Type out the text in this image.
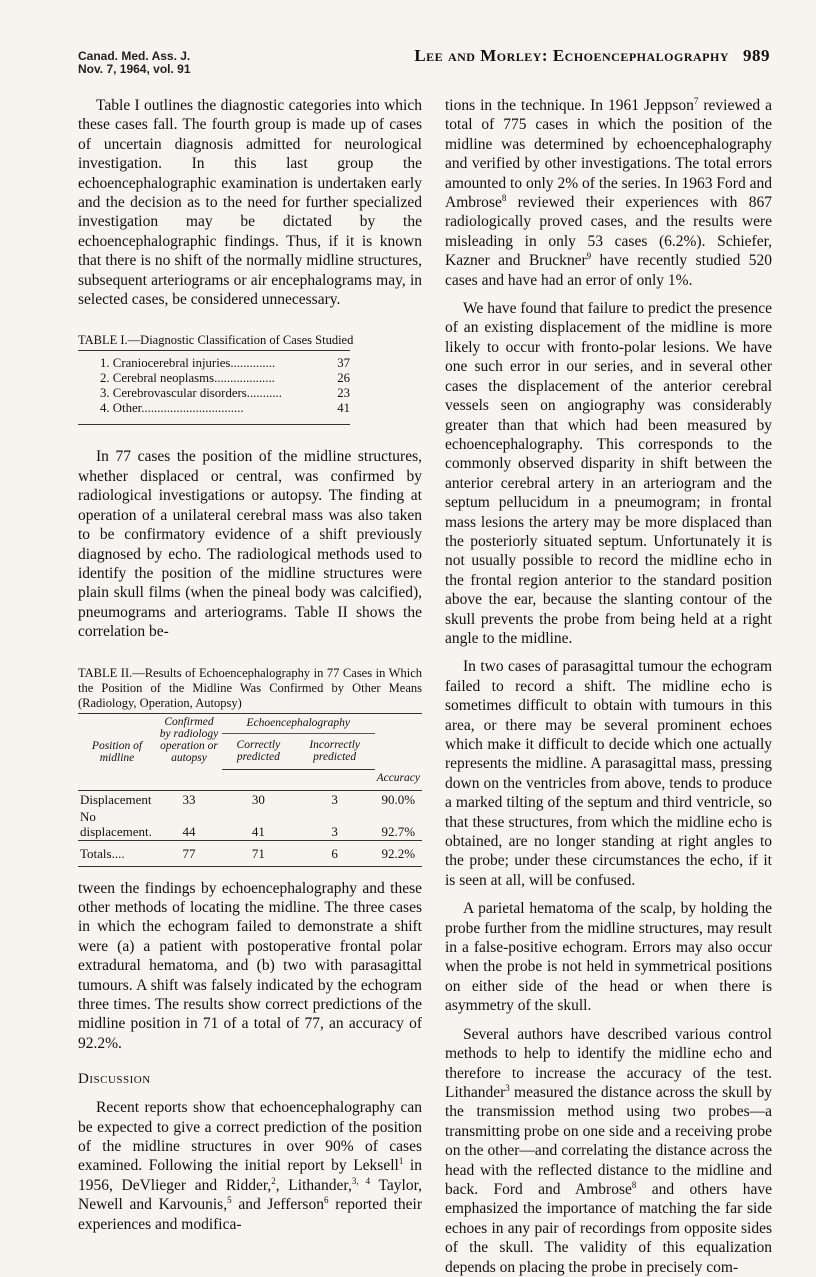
Canad. Med. Ass. J.
Nov. 7, 1964, vol. 91
Lee and Morley: Echoencephalography 989

Table I outlines the diagnostic categories into which these cases fall. The fourth group is made up of cases of uncertain diagnosis admitted for neurological investigation. In this last group the echoencephalographic examination is undertaken early and the decision as to the need for further specialized investigation may be dictated by the echoencephalographic findings. Thus, if it is known that there is no shift of the normally midline structures, subsequent arteriograms or air encephalograms may, in selected cases, be considered unnecessary.

TABLE I.—Diagnostic Classification of Cases Studied
1. Craniocerebral injuries..............	37
2. Cerebral neoplasms...................	26
3. Cerebrovascular disorders...........	23
4. Other................................	41

In 77 cases the position of the midline structures, whether displaced or central, was confirmed by radiological investigations or autopsy. The finding at operation of a unilateral cerebral mass was also taken to be confirmatory evidence of a shift previously diagnosed by echo. The radiological methods used to identify the position of the midline structures were plain skull films (when the pineal body was calcified), pneumograms and arteriograms. Table II shows the correlation be-

TABLE II.—Results of Echoencephalography in 77 Cases in Which the Position of the Midline Was Confirmed by Other Means (Radiology, Operation, Autopsy)
Position of midline	Confirmed by radiology operation or autopsy	Echoencephalography		
		Correctly predicted	Incorrectly predicted	
				Accuracy
Displacement	33	30	3	90.0%
No displacement.	44	41	3	92.7%
Totals....	77	71	6	92.2%

tween the findings by echoencephalography and these other methods of locating the midline. The three cases in which the echogram failed to demonstrate a shift were (a) a patient with postoperative frontal polar extradural hematoma, and (b) two with parasagittal tumours. A shift was falsely indicated by the echogram three times. The results show correct predictions of the midline position in 71 of a total of 77, an accuracy of 92.2%.

Discussion

Recent reports show that echoencephalography can be expected to give a correct prediction of the position of the midline structures in over 90% of cases examined. Following the initial report by Leksell$^1$ in 1956, DeVlieger and Ridder,$^2$, Lithander,$^{3, 4}$ Taylor, Newell and Karvounis,$^5$ and Jefferson$^6$ reported their experiences and modifica-

tions in the technique. In 1961 Jeppson$^7$ reviewed a total of 775 cases in which the position of the midline was determined by echoencephalography and verified by other investigations. The total errors amounted to only 2% of the series. In 1963 Ford and Ambrose$^8$ reviewed their experiences with 867 radiologically proved cases, and the results were misleading in only 53 cases (6.2%). Schiefer, Kazner and Bruckner$^9$ have recently studied 520 cases and have had an error of only 1%.

We have found that failure to predict the presence of an existing displacement of the midline is more likely to occur with fronto-polar lesions. We have one such error in our series, and in several other cases the displacement of the anterior cerebral vessels seen on angiography was considerably greater than that which had been measured by echoencephalography. This corresponds to the commonly observed disparity in shift between the anterior cerebral artery in an arteriogram and the septum pellucidum in a pneumogram; in frontal mass lesions the artery may be more displaced than the posteriorly situated septum. Unfortunately it is not usually possible to record the midline echo in the frontal region anterior to the standard position above the ear, because the slanting contour of the skull prevents the probe from being held at a right angle to the midline.

In two cases of parasagittal tumour the echogram failed to record a shift. The midline echo is sometimes difficult to obtain with tumours in this area, or there may be several prominent echoes which make it difficult to decide which one actually represents the midline. A parasagittal mass, pressing down on the ventricles from above, tends to produce a marked tilting of the septum and third ventricle, so that these structures, from which the midline echo is obtained, are no longer standing at right angles to the probe; under these circumstances the echo, if it is seen at all, will be confused.

A parietal hematoma of the scalp, by holding the probe further from the midline structures, may result in a false-positive echogram. Errors may also occur when the probe is not held in symmetrical positions on either side of the head or when there is asymmetry of the skull.

Several authors have described various control methods to help to identify the midline echo and therefore to increase the accuracy of the test. Lithander$^3$ measured the distance across the skull by the transmission method using two probes—a transmitting probe on one side and a receiving probe on the other—and correlating the distance across the head with the reflected distance to the midline and back. Ford and Ambrose$^8$ and others have emphasized the importance of matching the far side echoes in any pair of recordings from opposite sides of the skull. The validity of this equalization depends on placing the probe in precisely com-
